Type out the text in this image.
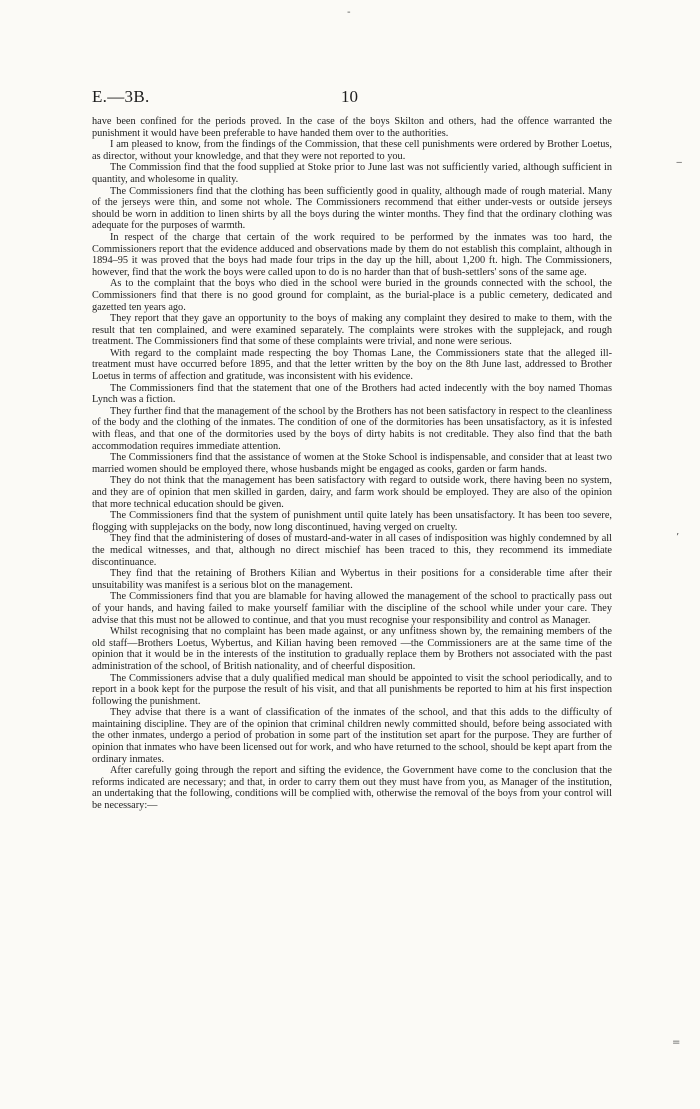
-
‒
’
=
E.—3B.	10

have been confined for the periods proved. In the case of the boys Skilton and others, had the offence warranted the punishment it would have been preferable to have handed them over to the authorities.

I am pleased to know, from the findings of the Commission, that these cell punishments were ordered by Brother Loetus, as director, without your knowledge, and that they were not reported to you.

The Commission find that the food supplied at Stoke prior to June last was not sufficiently varied, although sufficient in quantity, and wholesome in quality.

The Commissioners find that the clothing has been sufficiently good in quality, although made of rough material. Many of the jerseys were thin, and some not whole. The Commissioners recommend that either under-vests or outside jerseys should be worn in addition to linen shirts by all the boys during the winter months. They find that the ordinary clothing was adequate for the purposes of warmth.

In respect of the charge that certain of the work required to be performed by the inmates was too hard, the Commissioners report that the evidence adduced and observations made by them do not establish this complaint, although in 1894–95 it was proved that the boys had made four trips in the day up the hill, about 1,200 ft. high. The Commissioners, however, find that the work the boys were called upon to do is no harder than that of bush-settlers' sons of the same age.

As to the complaint that the boys who died in the school were buried in the grounds connected with the school, the Commissioners find that there is no good ground for complaint, as the burial-place is a public cemetery, dedicated and gazetted ten years ago.

They report that they gave an opportunity to the boys of making any complaint they desired to make to them, with the result that ten complained, and were examined separately. The complaints were strokes with the supplejack, and rough treatment. The Commissioners find that some of these complaints were trivial, and none were serious.

With regard to the complaint made respecting the boy Thomas Lane, the Commissioners state that the alleged ill-treatment must have occurred before 1895, and that the letter written by the boy on the 8th June last, addressed to Brother Loetus in terms of affection and gratitude, was inconsistent with his evidence.

The Commissioners find that the statement that one of the Brothers had acted indecently with the boy named Thomas Lynch was a fiction.

They further find that the management of the school by the Brothers has not been satisfactory in respect to the cleanliness of the body and the clothing of the inmates. The condition of one of the dormitories has been unsatisfactory, as it is infested with fleas, and that one of the dormitories used by the boys of dirty habits is not creditable. They also find that the bath accommodation requires immediate attention.

The Commissioners find that the assistance of women at the Stoke School is indispensable, and consider that at least two married women should be employed there, whose husbands might be engaged as cooks, garden or farm hands.

They do not think that the management has been satisfactory with regard to outside work, there having been no system, and they are of opinion that men skilled in garden, dairy, and farm work should be employed. They are also of the opinion that more technical education should be given.

The Commissioners find that the system of punishment until quite lately has been unsatisfactory. It has been too severe, flogging with supplejacks on the body, now long discontinued, having verged on cruelty.

They find that the administering of doses of mustard-and-water in all cases of indisposition was highly condemned by all the medical witnesses, and that, although no direct mischief has been traced to this, they recommend its immediate discontinuance.

They find that the retaining of Brothers Kilian and Wybertus in their positions for a considerable time after their unsuitability was manifest is a serious blot on the management.

The Commissioners find that you are blamable for having allowed the management of the school to practically pass out of your hands, and having failed to make yourself familiar with the discipline of the school while under your care. They advise that this must not be allowed to continue, and that you must recognise your responsibility and control as Manager.

Whilst recognising that no complaint has been made against, or any unfitness shown by, the remaining members of the old staff—Brothers Loetus, Wybertus, and Kilian having been removed —the Commissioners are at the same time of the opinion that it would be in the interests of the institution to gradually replace them by Brothers not associated with the past administration of the school, of British nationality, and of cheerful disposition.

The Commissioners advise that a duly qualified medical man should be appointed to visit the school periodically, and to report in a book kept for the purpose the result of his visit, and that all punishments be reported to him at his first inspection following the punishment.

They advise that there is a want of classification of the inmates of the school, and that this adds to the difficulty of maintaining discipline. They are of the opinion that criminal children newly committed should, before being associated with the other inmates, undergo a period of probation in some part of the institution set apart for the purpose. They are further of opinion that inmates who have been licensed out for work, and who have returned to the school, should be kept apart from the ordinary inmates.

After carefully going through the report and sifting the evidence, the Government have come to the conclusion that the reforms indicated are necessary; and that, in order to carry them out they must have from you, as Manager of the institution, an undertaking that the following, conditions will be complied with, otherwise the removal of the boys from your control will be necessary:—
